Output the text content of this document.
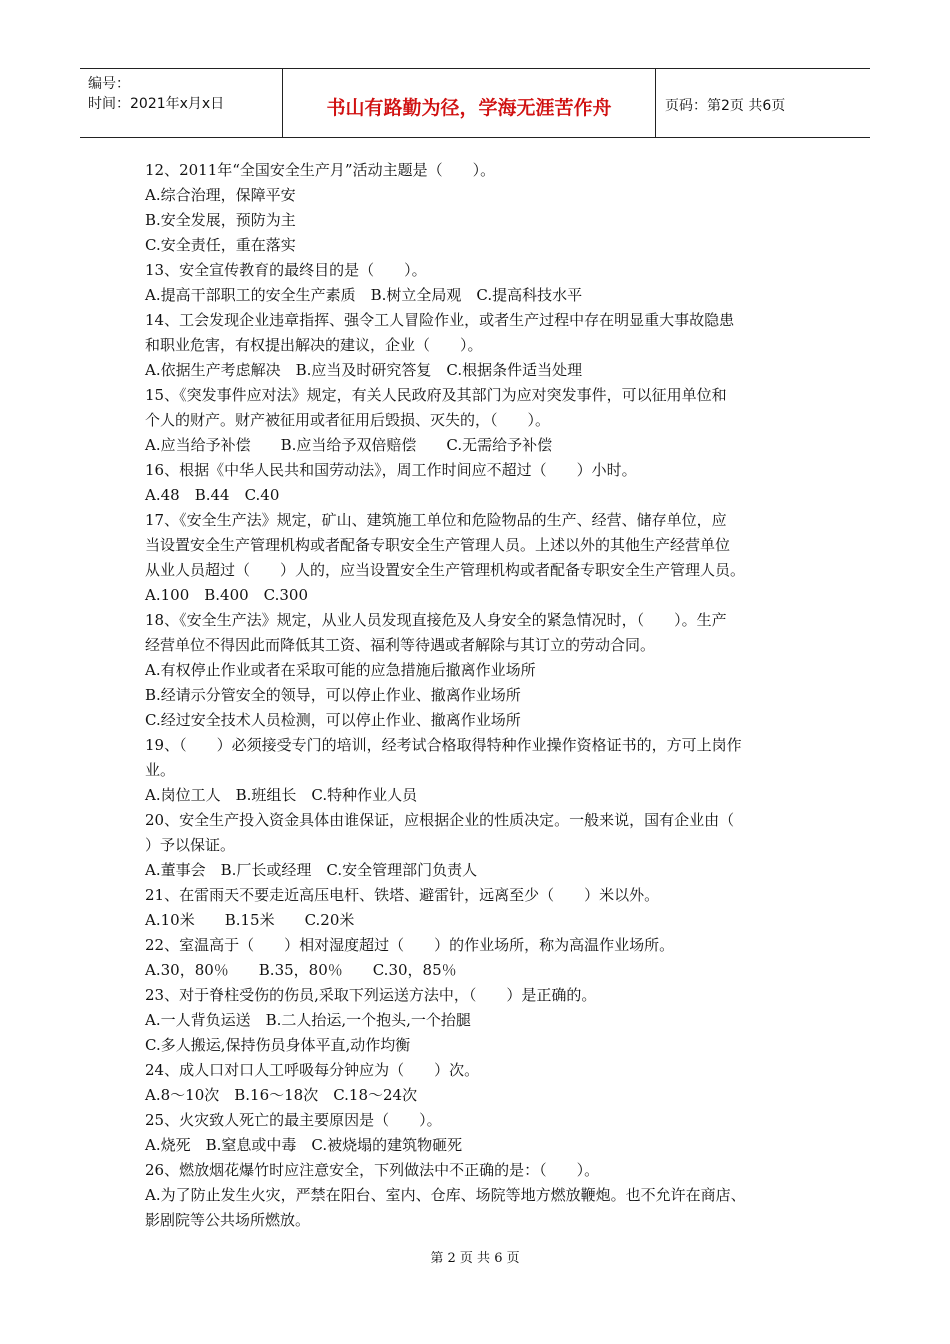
编号：
时间：2021年x月x日	书山有路勤为径，学海无涯苦作舟	页码：第2页 共6页
12、2011年“全国安全生产月”活动主题是（　　）。
A.综合治理，保障平安
B.安全发展，预防为主
C.安全责任，重在落实
13、安全宣传教育的最终目的是（　　）。
A.提高干部职工的安全生产素质　B.树立全局观　C.提高科技水平
14、工会发现企业违章指挥、强令工人冒险作业，或者生产过程中存在明显重大事故隐患
和职业危害，有权提出解决的建议，企业（　　）。
A.依据生产考虑解决　B.应当及时研究答复　C.根据条件适当处理
15、《突发事件应对法》规定，有关人民政府及其部门为应对突发事件，可以征用单位和
个人的财产。财产被征用或者征用后毁损、灭失的，（　　）。
A.应当给予补偿　　B.应当给予双倍赔偿　　C.无需给予补偿
16、根据《中华人民共和国劳动法》，周工作时间应不超过（　　）小时。
A.48　B.44　C.40
17、《安全生产法》规定，矿山、建筑施工单位和危险物品的生产、经营、储存单位，应
当设置安全生产管理机构或者配备专职安全生产管理人员。上述以外的其他生产经营单位
从业人员超过（　　）人的，应当设置安全生产管理机构或者配备专职安全生产管理人员。
A.100　B.400　C.300
18、《安全生产法》规定，从业人员发现直接危及人身安全的紧急情况时，（　　）。生产
经营单位不得因此而降低其工资、福利等待遇或者解除与其订立的劳动合同。
A.有权停止作业或者在采取可能的应急措施后撤离作业场所
B.经请示分管安全的领导，可以停止作业、撤离作业场所
C.经过安全技术人员检测，可以停止作业、撤离作业场所
19、（　　）必须接受专门的培训，经考试合格取得特种作业操作资格证书的，方可上岗作
业。
A.岗位工人　B.班组长　C.特种作业人员
20、安全生产投入资金具体由谁保证，应根据企业的性质决定。一般来说，国有企业由（
）予以保证。
A.董事会　B.厂长或经理　C.安全管理部门负责人
21、在雷雨天不要走近高压电杆、铁塔、避雷针，远离至少（　　）米以外。
A.10米　　B.15米　　C.20米
22、室温高于（　　）相对湿度超过（　　）的作业场所，称为高温作业场所。
A.30，80％　　B.35，80％　　C.30，85％
23、对于脊柱受伤的伤员,采取下列运送方法中，（　　）是正确的。
A.一人背负运送　B.二人抬运,一个抱头,一个抬腿
C.多人搬运,保持伤员身体平直,动作均衡
24、成人口对口人工呼吸每分钟应为（　　）次。
A.8～10次　B.16～18次　C.18～24次
25、火灾致人死亡的最主要原因是（　　）。
A.烧死　B.窒息或中毒　C.被烧塌的建筑物砸死
26、燃放烟花爆竹时应注意安全，下列做法中不正确的是：（　　）。
A.为了防止发生火灾，严禁在阳台、室内、仓库、场院等地方燃放鞭炮。也不允许在商店、
影剧院等公共场所燃放。
第 2 页 共 6 页
